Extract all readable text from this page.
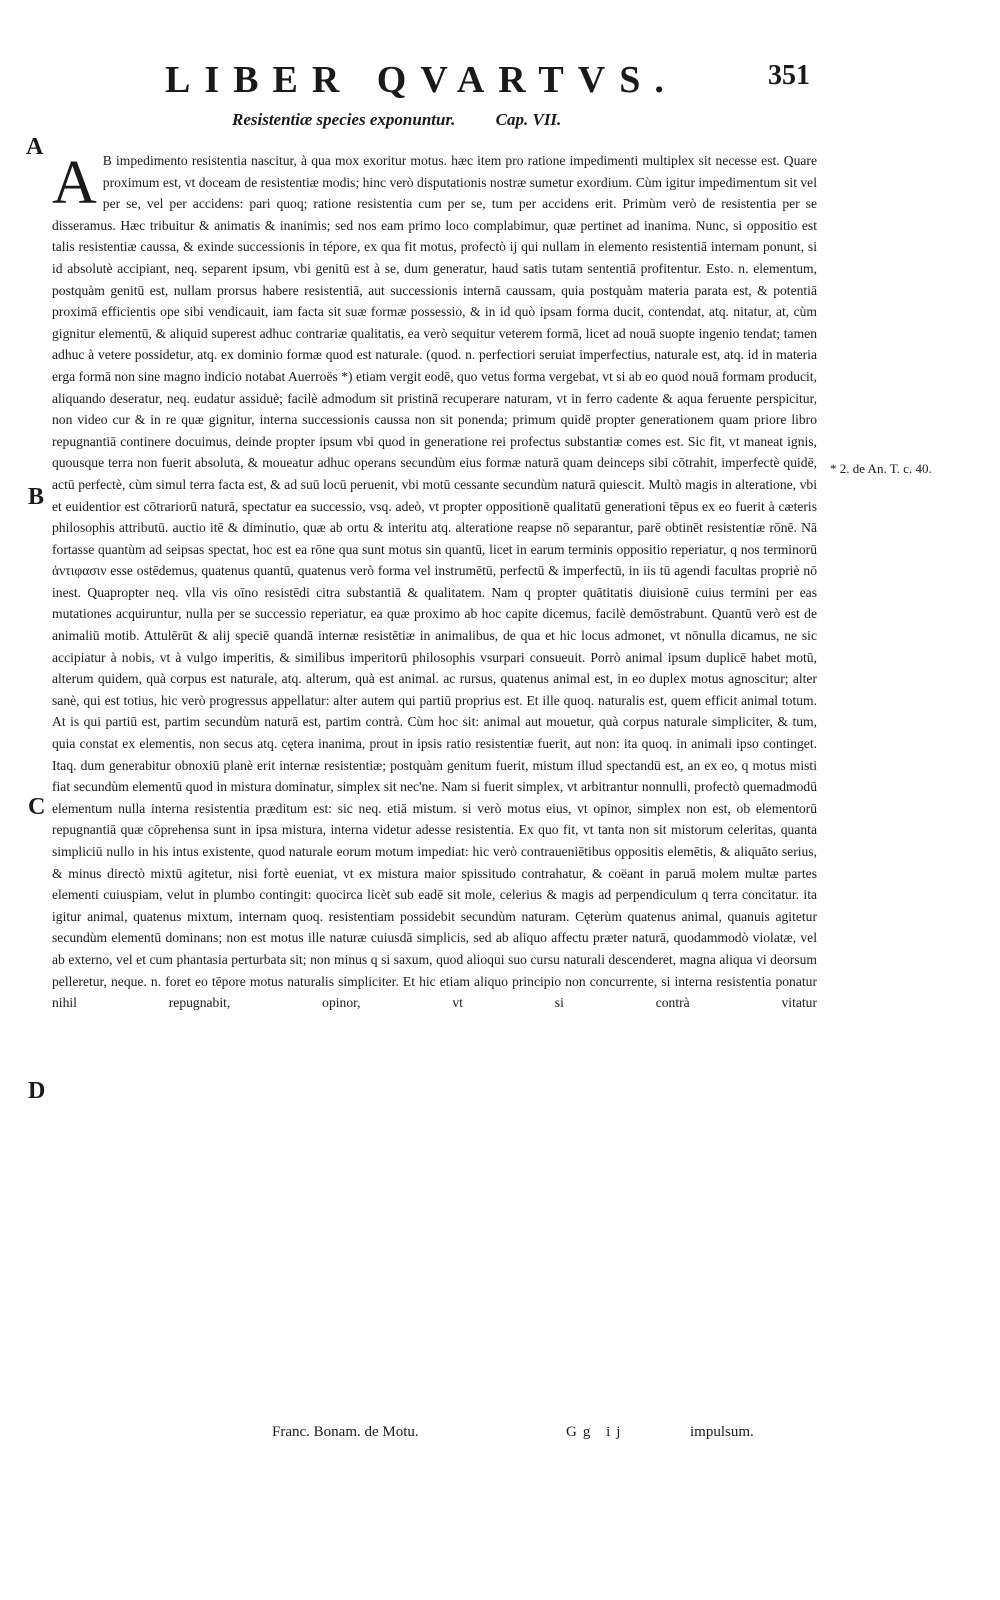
LIBER QVARTVS.	351
Resistentiæ species exponuntur. Cap. VII.
A
B
C
D
* 2. de An. T. c. 40.

A B impedimento resistentia nascitur, à qua mox exoritur motus. hæc item pro ratione impedimenti multiplex sit necesse est. Quare proximum est, vt doceam de resistentiæ modis; hinc verò disputationis nostræ sumetur exordium. Cùm igitur impedimentum sit vel per se, vel per accidens: pari quoq; ratione resistentia cum per se, tum per accidens erit. Primùm verò de resistentia per se disseramus. Hæc tribuitur & animatis & inanimis; sed nos eam primo loco complabimur, quæ pertinet ad inanima. Nunc, si oppositio est talis resistentiæ caussa, & exinde successionis in tépore, ex qua fit motus, profectò ij qui nullam in elemento resistentiā internam ponunt, si id absolutè accipiant, neq. separent ipsum, vbi genitū est à se, dum generatur, haud satis tutam sententiā profitentur. Esto. n. elementum, postquàm genitū est, nullam prorsus habere resistentiā, aut successionis internā caussam, quia postquàm materia parata est, & potentiā proximā efficientis ope sibi vendicauit, iam facta sit suæ formæ possessio, & in id quò ipsam forma ducit, contendat, atq. nitatur, at, cùm gignitur elementū, & aliquid superest adhuc contrariæ qualitatis, ea verò sequitur veterem formā, licet ad nouā suopte ingenio tendat; tamen adhuc à vetere possidetur, atq. ex dominio formæ quod est naturale. (quod. n. perfectiori seruiat imperfectius, naturale est, atq. id in materia erga formā non sine magno indicio notabat Auerroës *) etiam vergit eodē, quo vetus forma vergebat, vt si ab eo quod nouā formam producit, aliquando deseratur, neq. eudatur assiduè; facilè admodum sit pristinā recuperare naturam, vt in ferro cadente & aqua feruente perspicitur, non video cur & in re quæ gignitur, interna successionis caussa non sit ponenda; primum quidē propter generationem quam priore libro repugnantiā continere docuimus, deinde propter ipsum vbi quod in generatione rei profectus substantiæ comes est. Sic fit, vt maneat ignis, quousque terra non fuerit absoluta, & moueatur adhuc operans secundùm eius formæ naturā quam deinceps sibi cōtrahit, imperfectè quidē, actū perfectè, cùm simul terra facta est, & ad suū locū peruenit, vbi motū cessante secundùm naturā quiescit. Multò magis in alteratione, vbi et euidentior est cōtrariorū naturā, spectatur ea successio, vsq. adeò, vt propter oppositionē qualitatū generationi tēpus ex eo fuerit à cæteris philosophis attributū. auctio itē & diminutio, quæ ab ortu & interitu atq. alteratione reapse nō separantur, parē obtinēt resistentiæ rōnē. Nā fortasse quantùm ad seipsas spectat, hoc est ea rōne qua sunt motus sin quantū, licet in earum terminis oppositio reperiatur, q nos terminorū ἀντιφασιν esse ostēdemus, quatenus quantū, quatenus verò forma vel instrumētū, perfectū & imperfectū, in iis tū agendi facultas propriè nō inest. Quapropter neq. vlla vis oīno resistēdi citra substantiā & qualitatem. Nam q propter quātitatis diuisionē cuius termini per eas mutationes acquiruntur, nulla per se successio reperiatur, ea quæ proximo ab hoc capite dicemus, facilè demōstrabunt. Quantū verò est de animaliū motib. Attulērūt & alij speciē quandā internæ resistētiæ in animalibus, de qua et hic locus admonet, vt nōnulla dicamus, ne sic accipiatur à nobis, vt à vulgo imperitis, & similibus imperitorū philosophis vsurpari consueuit. Porrò animal ipsum duplicē habet motū, alterum quidem, quà corpus est naturale, atq. alterum, quà est animal. ac rursus, quatenus animal est, in eo duplex motus agnoscitur; alter sanè, qui est totius, hic verò progressus appellatur: alter autem qui partiū proprius est. Et ille quoq. naturalis est, quem efficit animal totum. At is qui partiū est, partim secundùm naturā est, partim contrà. Cùm hoc sit: animal aut mouetur, quà corpus naturale simpliciter, & tum, quia constat ex elementis, non secus atq. cętera inanima, prout in ipsis ratio resistentiæ fuerit, aut non: ita quoq. in animali ipso continget. Itaq. dum generabitur obnoxiū planè erit internæ resistentiæ; postquàm genitum fuerit, mistum illud spectandū est, an ex eo, q motus misti fiat secundùm elementū quod in mistura dominatur, simplex sit nec'ne. Nam si fuerit simplex, vt arbitrantur nonnulli, profectò quemadmodū elementum nulla interna resistentia præditum est: sic neq. etiā mistum. si verò motus eius, vt opinor, simplex non est, ob elementorū repugnantiā quæ cōprehensa sunt in ipsa mistura, interna videtur adesse resistentia. Ex quo fit, vt tanta non sit mistorum celeritas, quanta simpliciū nullo in his intus existente, quod naturale eorum motum impediat: hic verò contraueniētibus oppositis elemētis, & aliquāto serius, & minus directò mixtū agitetur, nisi fortè eueniat, vt ex mistura maior spissitudo contrahatur, & coëant in paruā molem multæ partes elementi cuiuspiam, velut in plumbo contingit: quocirca licèt sub eadē sit mole, celerius & magis ad perpendiculum q terra concitatur. ita igitur animal, quatenus mixtum, internam quoq. resistentiam possidebit secundùm naturam. Cęterùm quatenus animal, quanuis agitetur secundùm elementū dominans; non est motus ille naturæ cuiusdā simplicis, sed ab aliquo affectu præter naturā, quodammodò violatæ, vel ab externo, vel et cum phantasia perturbata sit; non minus q si saxum, quod alioqui suo cursu naturali descenderet, magna aliqua vi deorsum pelleretur, neque. n. foret eo tēpore motus naturalis simpliciter. Et hic etiam aliquo principio non concurrente, si interna resistentia ponatur nihil repugnabit, opinor, vt si contrà vitatur

Franc. Bonam. de Motu.	Gg ij	impulsum.
